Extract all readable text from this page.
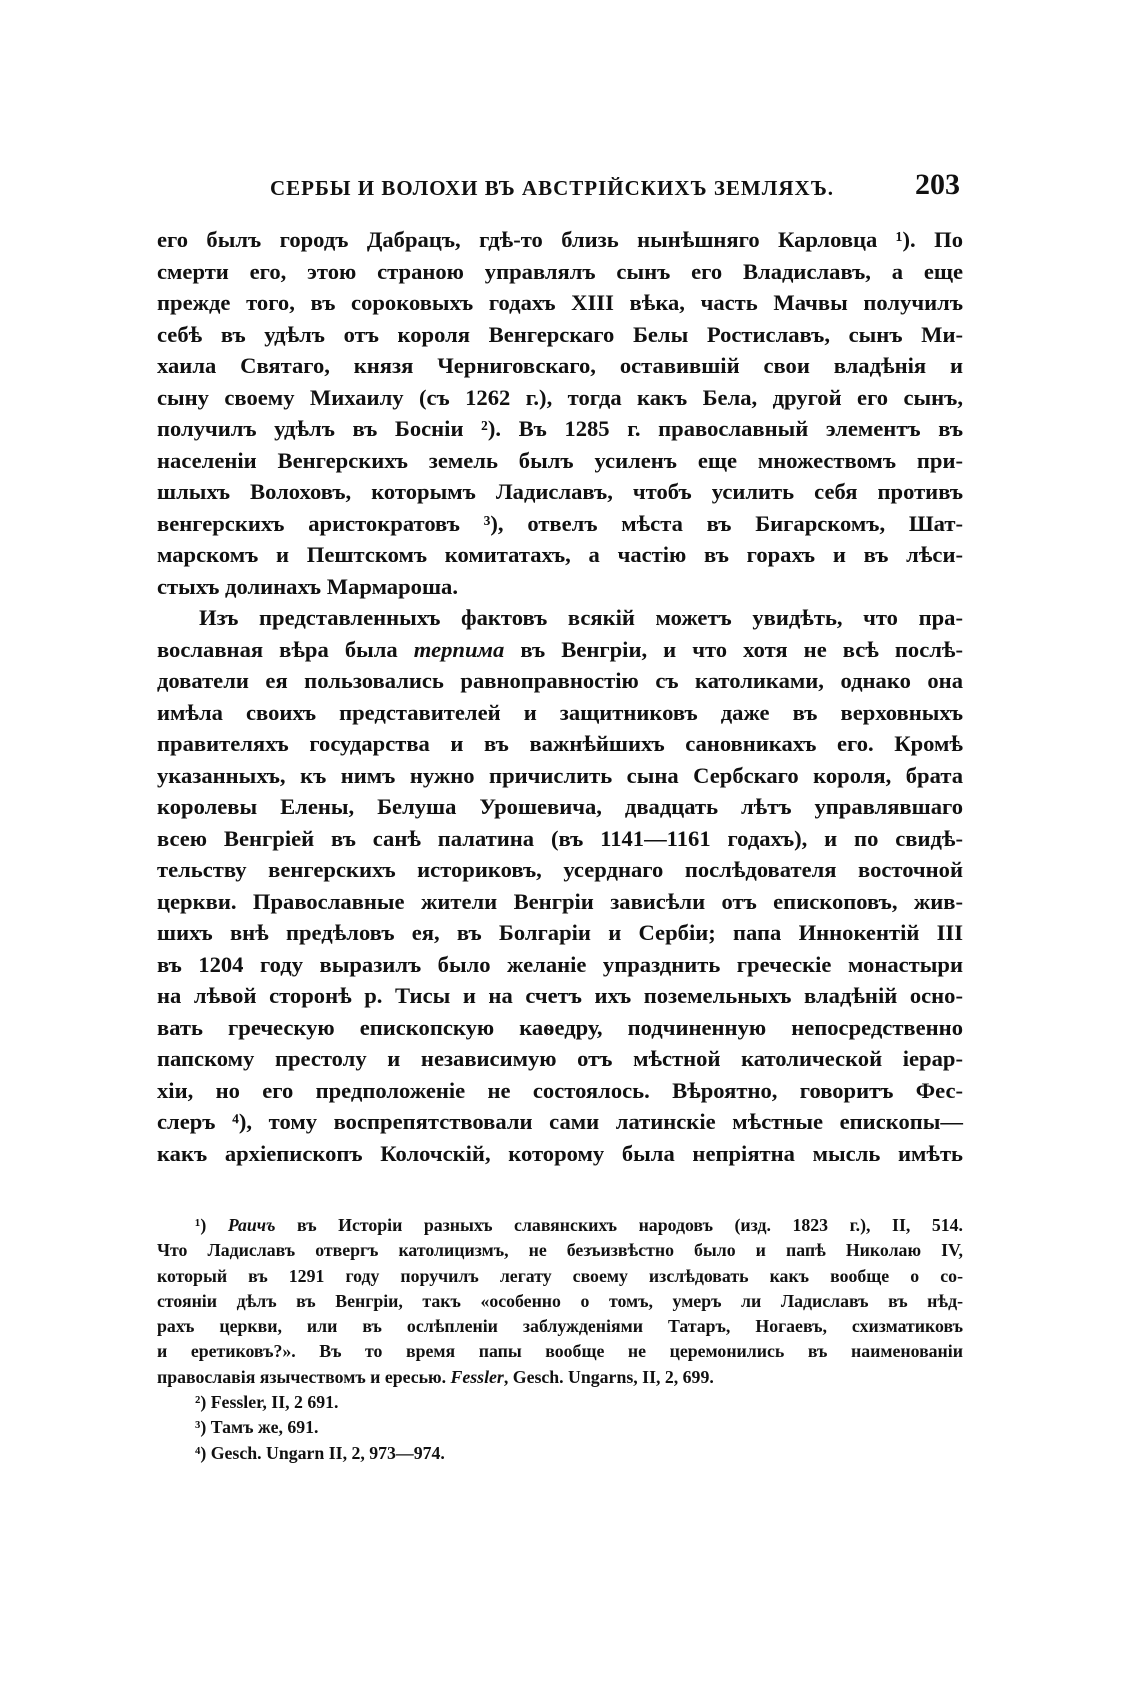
СЕРБЫ И ВОЛОХИ ВЪ АВСТРІЙСКИХЪ ЗЕМЛЯХЪ.	203
его былъ городъ Дабрацъ, гдѣ-то близь нынѣшняго Карловца ¹). По
смерти его, этою страною управлялъ сынъ его Владиславъ, а еще
прежде того, въ сороковыхъ годахъ XIII вѣка, часть Мачвы получилъ
себѣ въ удѣлъ отъ короля Венгерскаго Белы Ростиславъ, сынъ Ми-
хаила Святаго, князя Черниговскаго, оставившій свои владѣнія и
сыну своему Михаилу (съ 1262 г.), тогда какъ Бела, другой его сынъ,
получилъ удѣлъ въ Босніи ²). Въ 1285 г. православный элементъ въ
населеніи Венгерскихъ земель былъ усиленъ еще множествомъ при-
шлыхъ Волоховъ, которымъ Ладиславъ, чтобъ усилить себя противъ
венгерскихъ аристократовъ ³), отвелъ мѣста въ Бигарскомъ, Шат-
марскомъ и Пештскомъ комитатахъ, а частію въ горахъ и въ лѣси-
стыхъ долинахъ Мармароша.
Изъ представленныхъ фактовъ всякій можетъ увидѣть, что пра-
вославная вѣра была терпима въ Венгріи, и что хотя не всѣ послѣ-
дователи ея пользовались равноправностію съ католиками, однако она
имѣла своихъ представителей и защитниковъ даже въ верховныхъ
правителяхъ государства и въ важнѣйшихъ сановникахъ его. Кромѣ
указанныхъ, къ нимъ нужно причислить сына Сербскаго короля, брата
королевы Елены, Белуша Урошевича, двадцать лѣтъ управлявшаго
всею Венгріей въ санѣ палатина (въ 1141—1161 годахъ), и по свидѣ-
тельству венгерскихъ историковъ, усерднаго послѣдователя восточной
церкви. Православные жители Венгріи зависѣли отъ епископовъ, жив-
шихъ внѣ предѣловъ ея, въ Болгаріи и Сербіи; папа Иннокентій III
въ 1204 году выразилъ было желаніе упразднить греческіе монастыри
на лѣвой сторонѣ р. Тисы и на счетъ ихъ поземельныхъ владѣній осно-
вать греческую епископскую каѳедру, подчиненную непосредственно
папскому престолу и независимую отъ мѣстной католической іерар-
хіи, но его предположеніе не состоялось. Вѣроятно, говоритъ Фес-
слеръ ⁴), тому воспрепятствовали сами латинскіе мѣстные епископы—
какъ архіепископъ Колочскій, которому была непріятна мысль имѣть
¹) Раичъ въ Исторіи разныхъ славянскихъ народовъ (изд. 1823 г.), II, 514.
Что Ладиславъ отвергъ католицизмъ, не безъизвѣстно было и папѣ Николаю IV,
который въ 1291 году поручилъ легату своему изслѣдовать какъ вообще о со-
стояніи дѣлъ въ Венгріи, такъ «особенно о томъ, умеръ ли Ладиславъ въ нѣд-
рахъ церкви, или въ ослѣпленіи заблужденіями Татаръ, Ногаевъ, схизматиковъ
и еретиковъ?». Въ то время папы вообще не церемонились въ наименованіи
православія язычествомъ и ересью. Fessler, Gesch. Ungarns, II, 2, 699.
²) Fessler, II, 2 691.
³) Тамъ же, 691.
⁴) Gesch. Ungarn II, 2, 973—974.
